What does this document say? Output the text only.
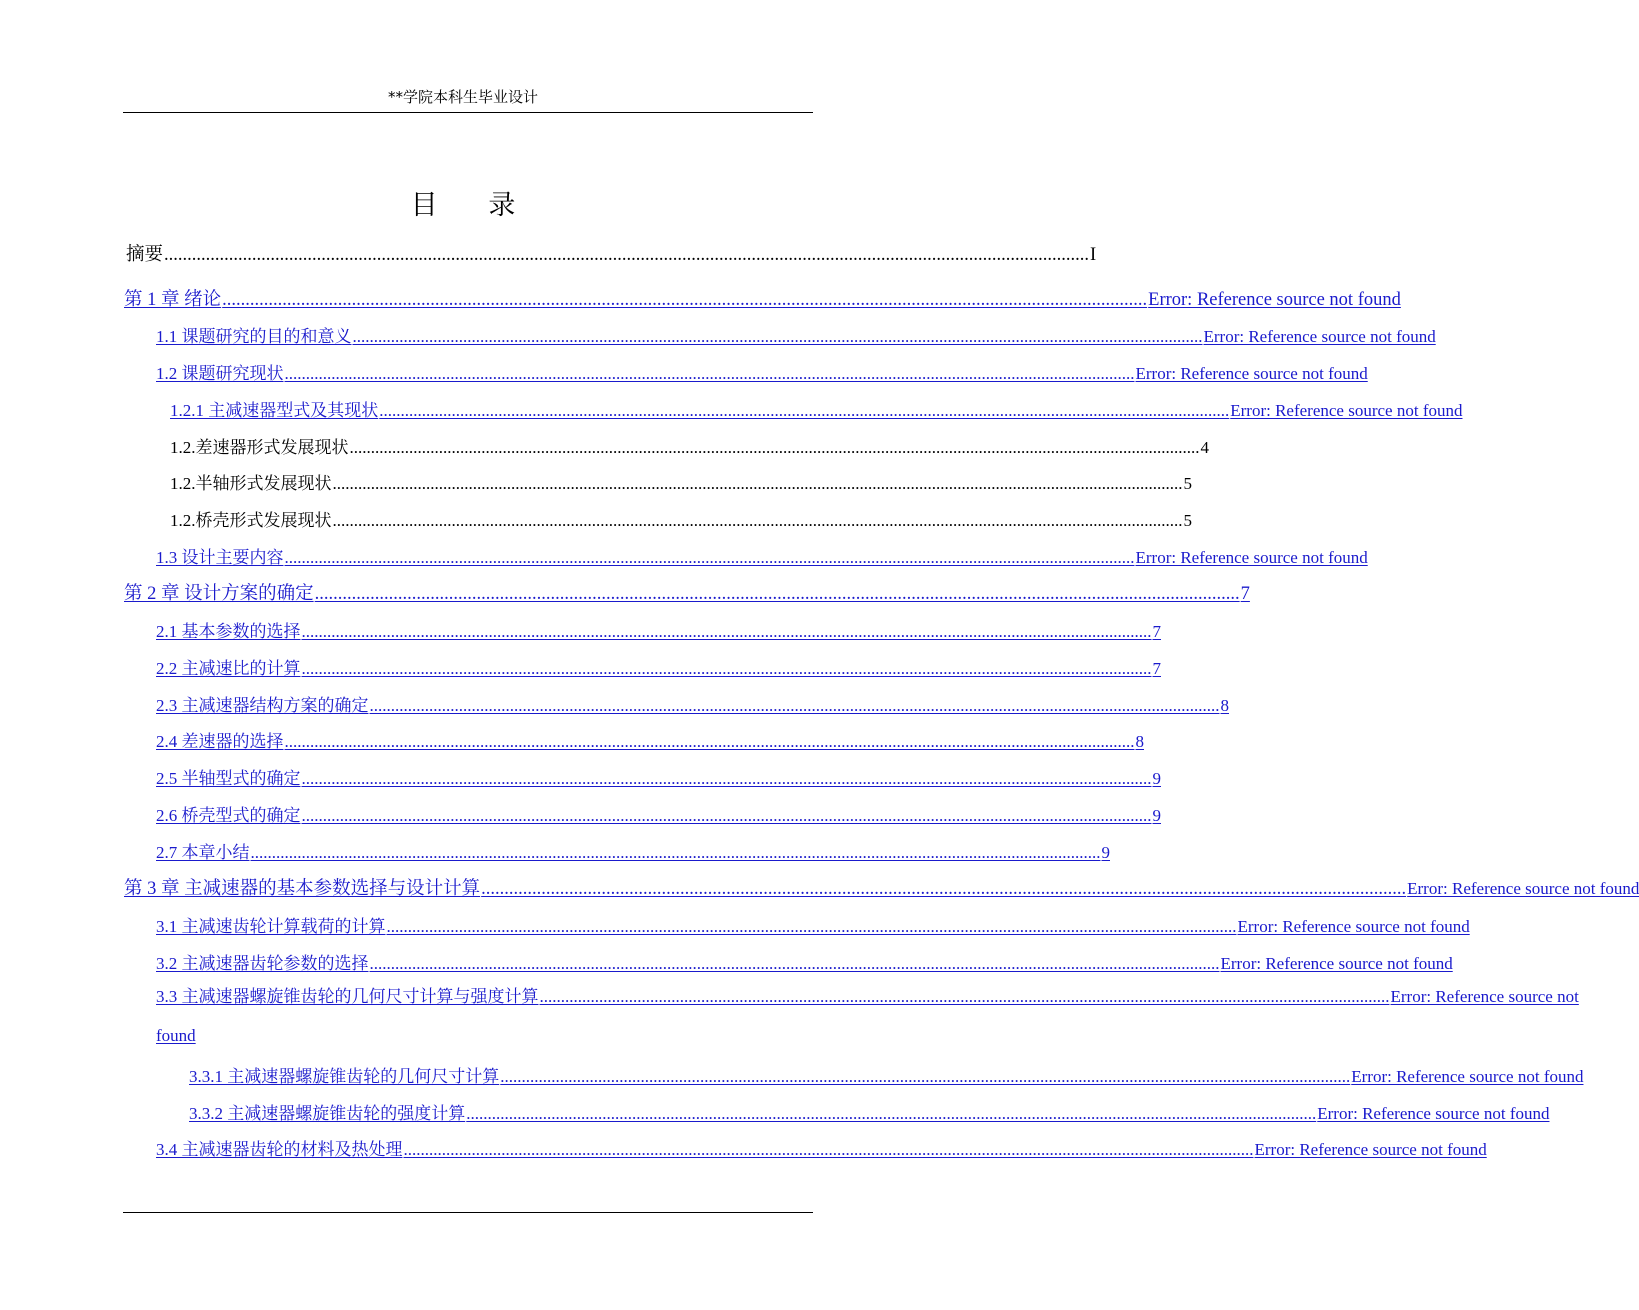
**学院本科生毕业设计
目 录
摘要 ........................................................................................................................................................................................................ I
第 1 章 绪论 ........................................................................................................................................................................................................ Error: Reference source not found
1.1 课题研究的目的和意义 ........................................................................................................................................................................................................ Error: Reference source not found
1.2 课题研究现状 ........................................................................................................................................................................................................ Error: Reference source not found
1.2.1 主减速器型式及其现状 ........................................................................................................................................................................................................ Error: Reference source not found
1.2.差速器形式发展现状 ........................................................................................................................................................................................................ 4
1.2.半轴形式发展现状 ........................................................................................................................................................................................................ 5
1.2.桥壳形式发展现状 ........................................................................................................................................................................................................ 5
1.3 设计主要内容 ........................................................................................................................................................................................................ Error: Reference source not found
第 2 章 设计方案的确定 ........................................................................................................................................................................................................ 7
2.1 基本参数的选择 ........................................................................................................................................................................................................ 7
2.2 主减速比的计算 ........................................................................................................................................................................................................ 7
2.3 主减速器结构方案的确定 ........................................................................................................................................................................................................ 8
2.4 差速器的选择 ........................................................................................................................................................................................................ 8
2.5 半轴型式的确定 ........................................................................................................................................................................................................ 9
2.6 桥壳型式的确定 ........................................................................................................................................................................................................ 9
2.7 本章小结 ........................................................................................................................................................................................................ 9
第 3 章 主减速器的基本参数选择与设计计算 ........................................................................................................................................................................................................ Error: Reference source not found
3.1 主减速齿轮计算载荷的计算 ........................................................................................................................................................................................................ Error: Reference source not found
3.2 主减速器齿轮参数的选择 ........................................................................................................................................................................................................ Error: Reference source not found
3.3 主减速器螺旋锥齿轮的几何尺寸计算与强度计算 ........................................................................................................................................................................................................ Error: Reference source not
found
3.3.1 主减速器螺旋锥齿轮的几何尺寸计算 ........................................................................................................................................................................................................ Error: Reference source not found
3.3.2 主减速器螺旋锥齿轮的强度计算 ........................................................................................................................................................................................................ Error: Reference source not found
3.4 主减速器齿轮的材料及热处理 ........................................................................................................................................................................................................ Error: Reference source not found
